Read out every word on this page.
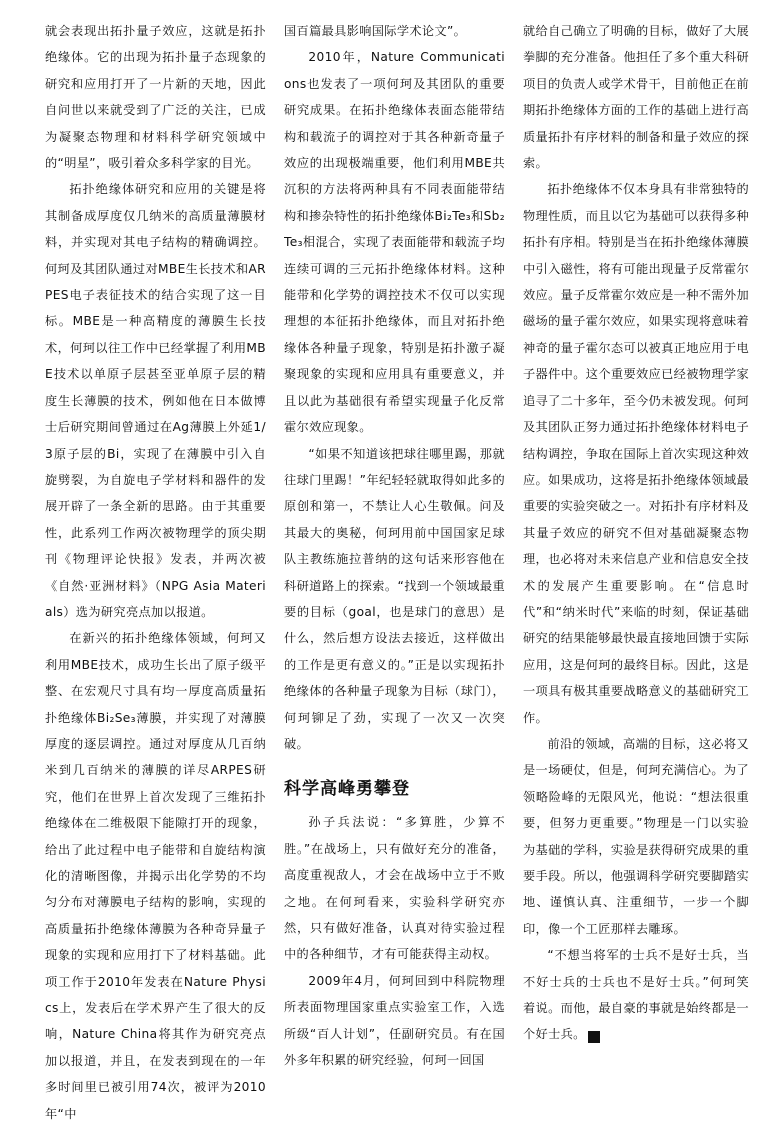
就会表现出拓扑量子效应，这就是拓扑绝缘体。它的出现为拓扑量子态现象的研究和应用打开了一片新的天地，因此自问世以来就受到了广泛的关注，已成为凝聚态物理和材料科学研究领域中的“明星”，吸引着众多科学家的目光。

拓扑绝缘体研究和应用的关键是将其制备成厚度仅几纳米的高质量薄膜材料，并实现对其电子结构的精确调控。何珂及其团队通过对MBE生长技术和ARPES电子表征技术的结合实现了这一目标。MBE是一种高精度的薄膜生长技术，何珂以往工作中已经掌握了利用MBE技术以单原子层甚至亚单原子层的精度生长薄膜的技术，例如他在日本做博士后研究期间曾通过在Ag薄膜上外延1/3原子层的Bi，实现了在薄膜中引入自旋劈裂，为自旋电子学材料和器件的发展开辟了一条全新的思路。由于其重要性，此系列工作两次被物理学的顶尖期刊《物理评论快报》发表，并两次被《自然·亚洲材料》（NPG Asia Materials）选为研究亮点加以报道。

在新兴的拓扑绝缘体领域，何珂又利用MBE技术，成功生长出了原子级平整、在宏观尺寸具有均一厚度高质量拓扑绝缘体Bi₂Se₃薄膜，并实现了对薄膜厚度的逐层调控。通过对厚度从几百纳米到几百纳米的薄膜的详尽ARPES研究，他们在世界上首次发现了三维拓扑绝缘体在二维极限下能隙打开的现象，给出了此过程中电子能带和自旋结构演化的清晰图像，并揭示出化学势的不均匀分布对薄膜电子结构的影响，实现的高质量拓扑绝缘体薄膜为各种奇异量子现象的实现和应用打下了材料基础。此项工作于2010年发表在Nature Physics上，发表后在学术界产生了很大的反响，Nature China将其作为研究亮点加以报道，并且，在发表到现在的一年多时间里已被引用74次，被评为2010年“中

国百篇最具影响国际学术论文”。

2010年，Nature Communications也发表了一项何珂及其团队的重要研究成果。在拓扑绝缘体表面态能带结构和载流子的调控对于其各种新奇量子效应的出现极端重要，他们利用MBE共沉积的方法将两种具有不同表面能带结构和掺杂特性的拓扑绝缘体Bi₂Te₃和Sb₂Te₃相混合，实现了表面能带和载流子均连续可调的三元拓扑绝缘体材料。这种能带和化学势的调控技术不仅可以实现理想的本征拓扑绝缘体，而且对拓扑绝缘体各种量子现象，特别是拓扑激子凝聚现象的实现和应用具有重要意义，并且以此为基础很有希望实现量子化反常霍尔效应现象。

“如果不知道该把球往哪里踢，那就往球门里踢！”年纪轻轻就取得如此多的原创和第一，不禁让人心生敬佩。问及其最大的奥秘，何珂用前中国国家足球队主教练施拉普纳的这句话来形容他在科研道路上的探索。“找到一个领域最重要的目标（goal，也是球门的意思）是什么，然后想方设法去接近，这样做出的工作是更有意义的。”正是以实现拓扑绝缘体的各种量子现象为目标（球门），何珂铆足了劲，实现了一次又一次突破。

科学高峰勇攀登

孙子兵法说：“多算胜，少算不胜。”在战场上，只有做好充分的准备，高度重视敌人，才会在战场中立于不败之地。在何珂看来，实验科学研究亦然，只有做好准备，认真对待实验过程中的各种细节，才有可能获得主动权。

2009年4月，何珂回到中科院物理所表面物理国家重点实验室工作，入选所级“百人计划”，任副研究员。有在国外多年积累的研究经验，何珂一回国

就给自己确立了明确的目标，做好了大展拳脚的充分准备。他担任了多个重大科研项目的负责人或学术骨干，目前他正在前期拓扑绝缘体方面的工作的基础上进行高质量拓扑有序材料的制备和量子效应的探索。

拓扑绝缘体不仅本身具有非常独特的物理性质，而且以它为基础可以获得多种拓扑有序相。特别是当在拓扑绝缘体薄膜中引入磁性，将有可能出现量子反常霍尔效应。量子反常霍尔效应是一种不需外加磁场的量子霍尔效应，如果实现将意味着神奇的量子霍尔态可以被真正地应用于电子器件中。这个重要效应已经被物理学家追寻了二十多年，至今仍未被发现。何珂及其团队正努力通过拓扑绝缘体材料电子结构调控，争取在国际上首次实现这种效应。如果成功，这将是拓扑绝缘体领域最重要的实验突破之一。对拓扑有序材料及其量子效应的研究不但对基础凝聚态物理，也必将对未来信息产业和信息安全技术的发展产生重要影响。在“信息时代”和“纳米时代”来临的时刻，保证基础研究的结果能够最快最直接地回馈于实际应用，这是何珂的最终目标。因此，这是一项具有极其重要战略意义的基础研究工作。

前沿的领域，高端的目标，这必将又是一场硬仗，但是，何珂充满信心。为了领略险峰的无限风光，他说：“想法很重要，但努力更重要。”物理是一门以实验为基础的学科，实验是获得研究成果的重要手段。所以，他强调科学研究要脚踏实地、谨慎认真、注重细节，一步一个脚印，像一个工匠那样去雕琢。

“不想当将军的士兵不是好士兵，当不好士兵的士兵也不是好士兵。”何珂笑着说。而他，最自豪的事就是始终都是一个好士兵。	H
